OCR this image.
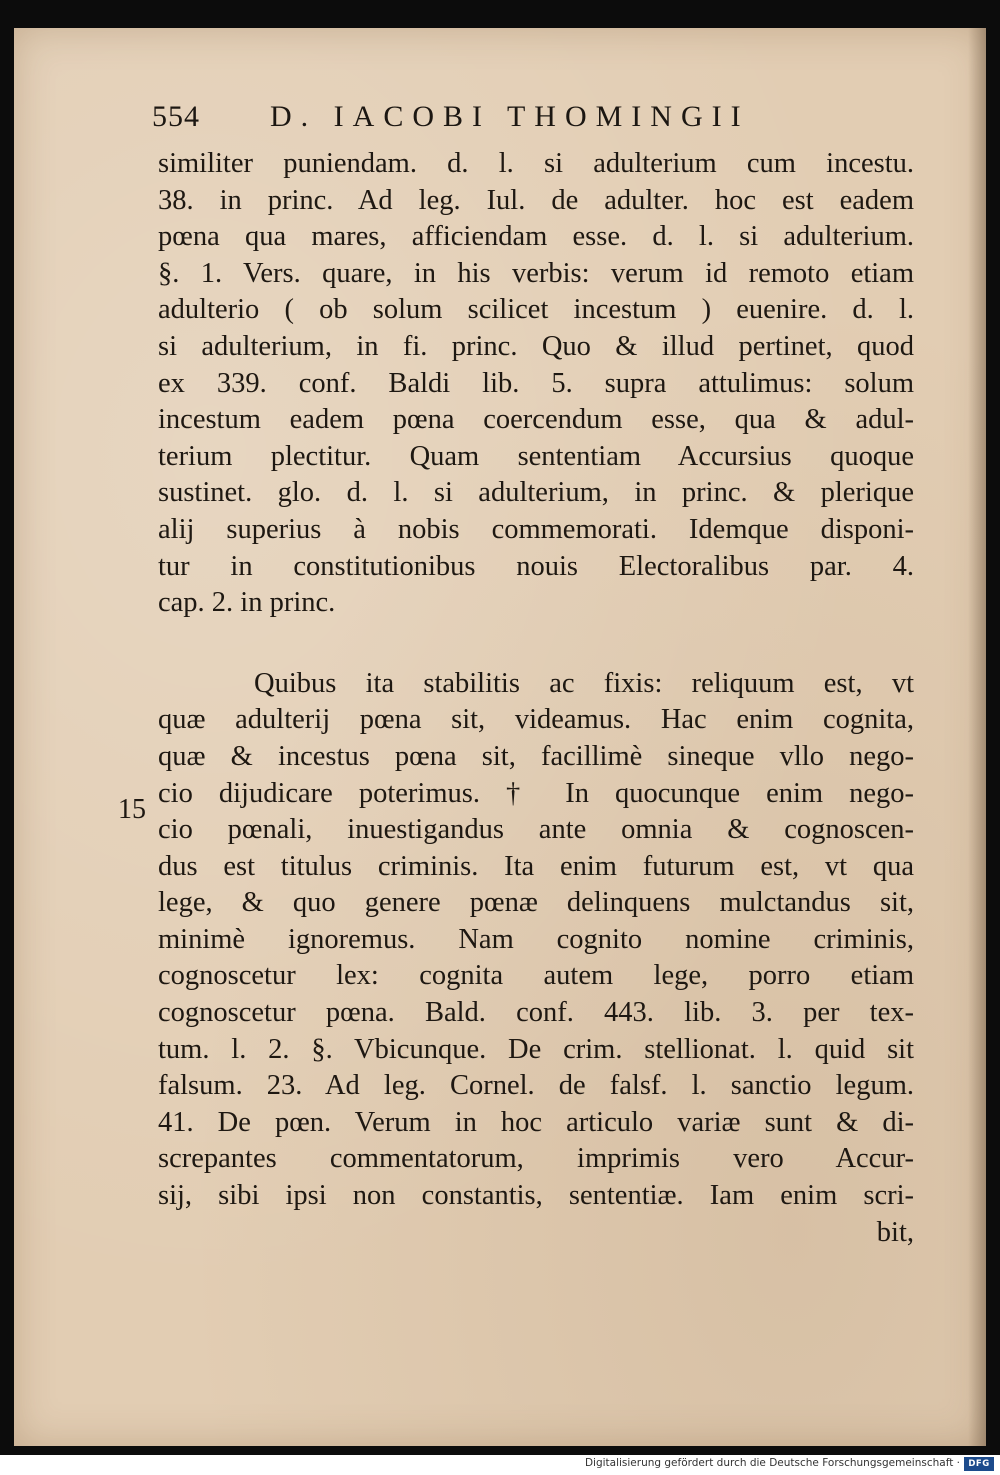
554 D. IACOBI THOMINGII
15
similiter puniendam. d. l. si adulterium cum incestu.
38. in princ. Ad leg. Iul. de adulter. hoc est eadem
pœna qua mares, afficiendam esse. d. l. si adulterium.
§. 1. Vers. quare, in his verbis: verum id remoto etiam
adulterio ( ob solum scilicet incestum ) euenire. d. l.
si adulterium, in fi. princ. Quo & illud pertinet, quod
ex 339. conf. Baldi lib. 5. supra attulimus: solum
incestum eadem pœna coercendum esse, qua & adul-
terium plectitur. Quam sententiam Accursius quoque
sustinet. glo. d. l. si adulterium, in princ. & plerique
alij superius à nobis commemorati. Idemque disponi-
tur in constitutionibus nouis Electoralibus par. 4.
cap. 2. in princ.
Quibus ita stabilitis ac fixis: reliquum est, vt
quæ adulterij pœna sit, videamus. Hac enim cognita,
quæ & incestus pœna sit, facillimè sineque vllo nego-
cio dijudicare poterimus. † In quocunque enim nego-
cio pœnali, inuestigandus ante omnia & cognoscen-
dus est titulus criminis. Ita enim futurum est, vt qua
lege, & quo genere pœnæ delinquens mulctandus sit,
minimè ignoremus. Nam cognito nomine criminis,
cognoscetur lex: cognita autem lege, porro etiam
cognoscetur pœna. Bald. conf. 443. lib. 3. per tex-
tum. l. 2. §. Vbicunque. De crim. stellionat. l. quid sit
falsum. 23. Ad leg. Cornel. de falsf. l. sanctio legum.
41. De pœn. Verum in hoc articulo variæ sunt & di-
screpantes commentatorum, imprimis vero Accur-
sij, sibi ipsi non constantis, sententiæ. Iam enim scri-
bit,
Digitalisierung gefördert durch die Deutsche Forschungsgemeinschaft · DFG
